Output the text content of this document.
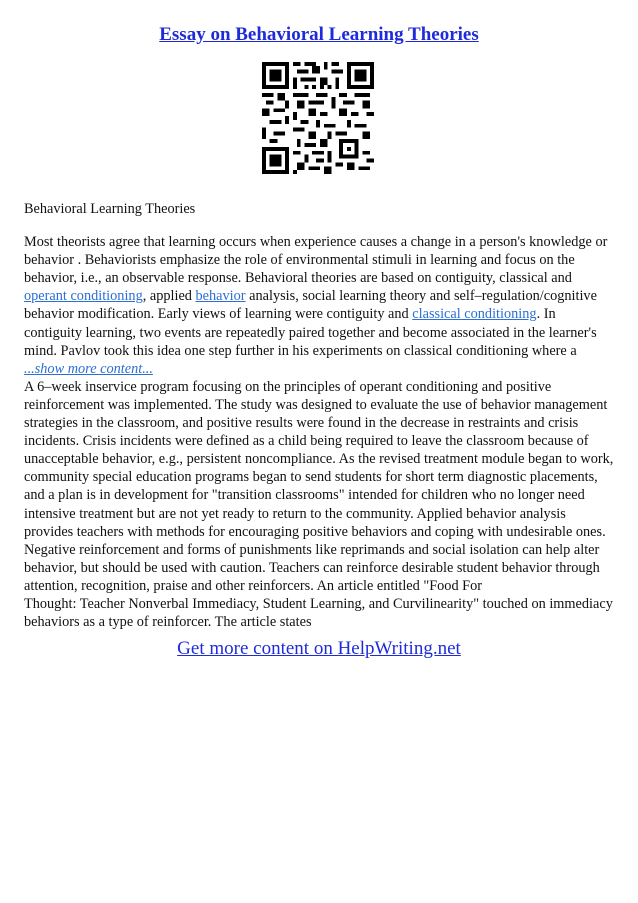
Essay on Behavioral Learning Theories

Behavioral Learning Theories

Most theorists agree that learning occurs when experience causes a change in a person's knowledge or behavior . Behaviorists emphasize the role of environmental stimuli in learning and focus on the behavior, i.e., an observable response. Behavioral theories are based on contiguity, classical and operant conditioning, applied behavior analysis, social learning theory and self–regulation/cognitive behavior modification. Early views of learning were contiguity and classical conditioning. In contiguity learning, two events are repeatedly paired together and become associated in the learner's mind. Pavlov took this idea one step further in his experiments on classical conditioning where a

...show more content...

A 6–week inservice program focusing on the principles of operant conditioning and positive reinforcement was implemented. The study was designed to evaluate the use of behavior management strategies in the classroom, and positive results were found in the decrease in restraints and crisis incidents. Crisis incidents were defined as a child being required to leave the classroom because of unacceptable behavior, e.g., persistent noncompliance. As the revised treatment module began to work, community special education programs began to send students for short term diagnostic placements, and a plan is in development for "transition classrooms" intended for children who no longer need intensive treatment but are not yet ready to return to the community. Applied behavior analysis provides teachers with methods for encouraging positive behaviors and coping with undesirable ones. Negative reinforcement and forms of punishments like reprimands and social isolation can help alter behavior, but should be used with caution. Teachers can reinforce desirable student behavior through attention, recognition, praise and other reinforcers. An article entitled "Food For

Thought: Teacher Nonverbal Immediacy, Student Learning, and Curvilinearity" touched on immediacy behaviors as a type of reinforcer. The article states

Get more content on HelpWriting.net
